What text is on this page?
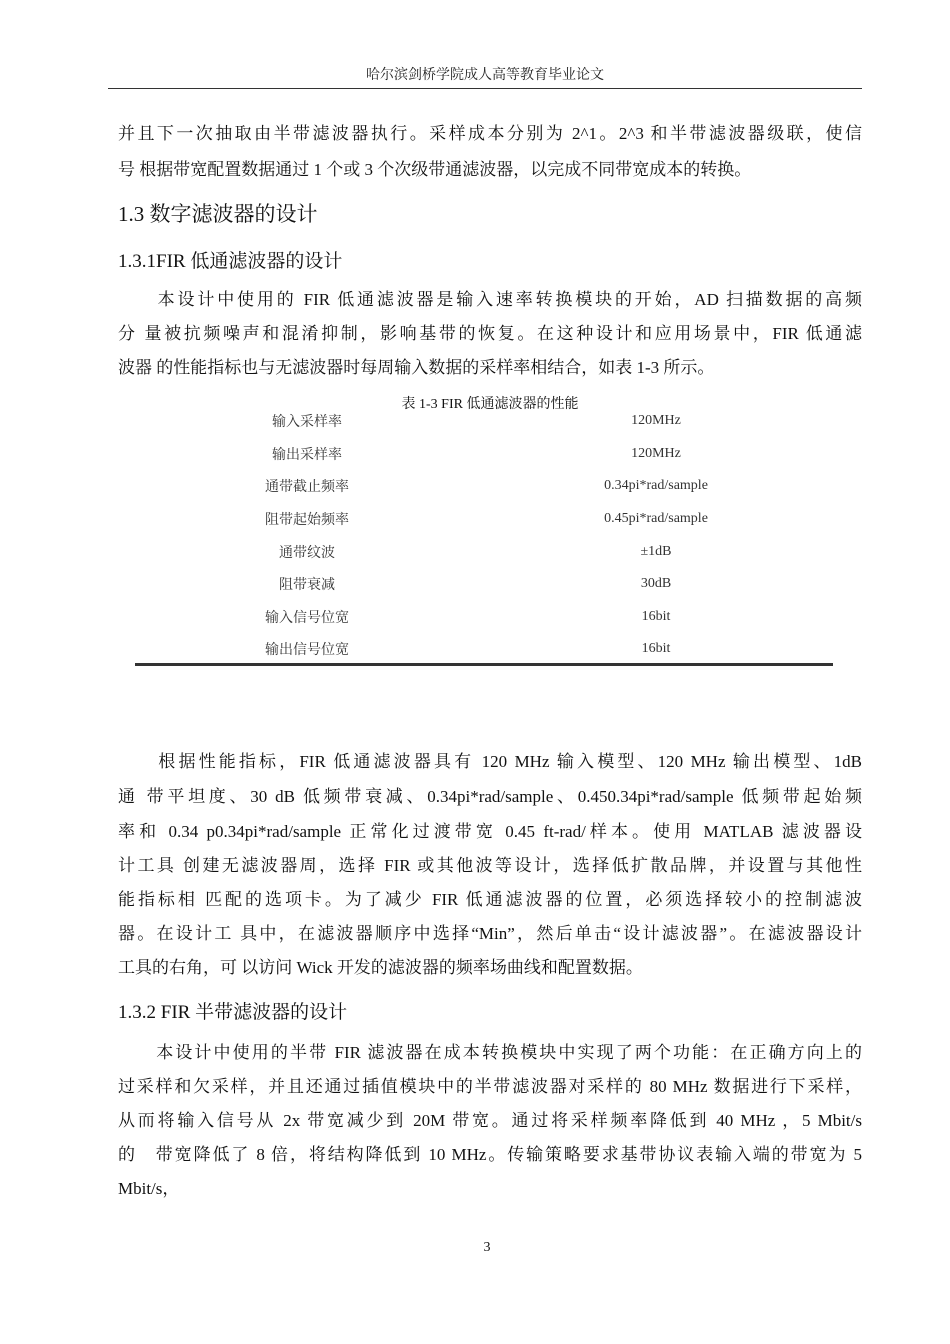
哈尔滨剑桥学院成人高等教育毕业论文
并且下一次抽取由半带滤波器执行。采样成本分别为 2^1。2^3 和半带滤波器级联，使信
号 根据带宽配置数据通过 1 个或 3 个次级带通滤波器，以完成不同带宽成本的转换。
1.3 数字滤波器的设计
1.3.1FIR 低通滤波器的设计
　　本设计中使用的 FIR 低通滤波器是输入速率转换模块的开始，AD 扫描数据的高频
分 量被抗频噪声和混淆抑制，影响基带的恢复。在这种设计和应用场景中，FIR 低通滤
波器 的性能指标也与无滤波器时每周输入数据的采样率相结合，如表 1-3 所示。
表 1-3 FIR 低通滤波器的性能
输入采样率	120MHz
输出采样率	120MHz
通带截止频率	0.34pi*rad/sample
阻带起始频率	0.45pi*rad/sample
通带纹波	±1dB
阻带衰减	30dB
输入信号位宽	16bit
输出信号位宽	16bit
　　根据性能指标，FIR 低通滤波器具有 120 MHz 输入模型、120 MHz 输出模型、1dB
通 带平坦度、30 dB 低频带衰减、0.34pi*rad/sample、0.450.34pi*rad/sample 低频带起始频
率和 0.34 p0.34pi*rad/sample 正常化过渡带宽 0.45 ft-rad/样本。使用 MATLAB 滤波器设
计工具 创建无滤波器周，选择 FIR 或其他波等设计，选择低扩散品牌，并设置与其他性
能指标相 匹配的选项卡。为了减少 FIR 低通滤波器的位置，必须选择较小的控制滤波
器。在设计工 具中，在滤波器顺序中选择“Min”，然后单击“设计滤波器”。在滤波器设计
工具的右角，可 以访问 Wick 开发的滤波器的频率场曲线和配置数据。
1.3.2 FIR 半带滤波器的设计
　　本设计中使用的半带 FIR 滤波器在成本转换模块中实现了两个功能：在正确方向上的
过采样和欠采样，并且还通过插值模块中的半带滤波器对采样的 80 MHz 数据进行下采样，
从而将输入信号从 2x 带宽减少到 20M 带宽。通过将采样频率降低到 40 MHz ，5 Mbit/s
的　带宽降低了 8 倍，将结构降低到 10 MHz。传输策略要求基带协议表输入端的带宽为 5
Mbit/s，
3
